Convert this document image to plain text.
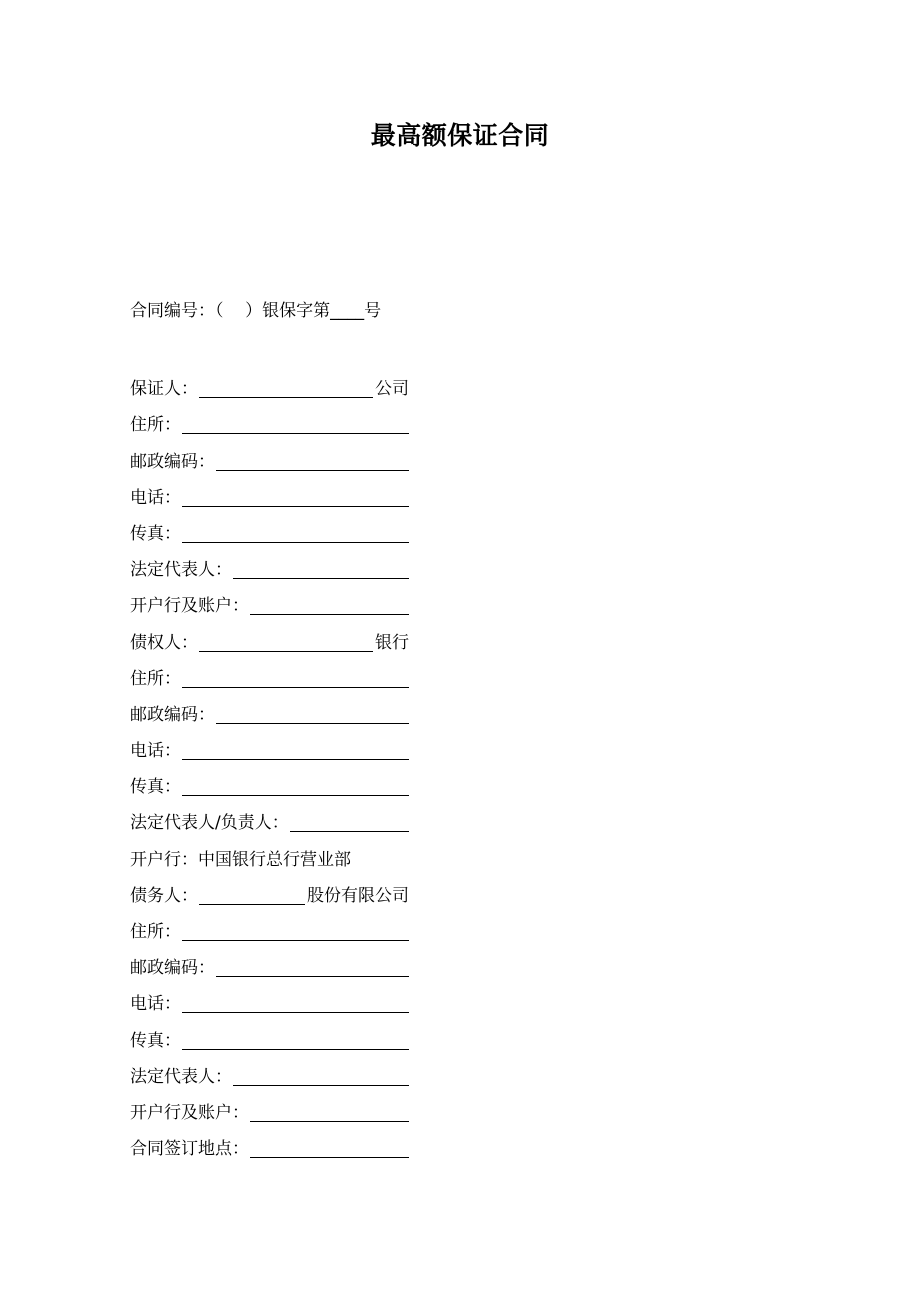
最高额保证合同
合同编号：（    ）银保字第____号
保证人：	公司
住所：
邮政编码：
电话：
传真：
法定代表人：
开户行及账户：
债权人：	银行
住所：
邮政编码：
电话：
传真：
法定代表人/负责人：
开户行： 中国银行总行营业部
债务人：	股份有限公司
住所：
邮政编码：
电话：
传真：
法定代表人：
开户行及账户：
合同签订地点：
